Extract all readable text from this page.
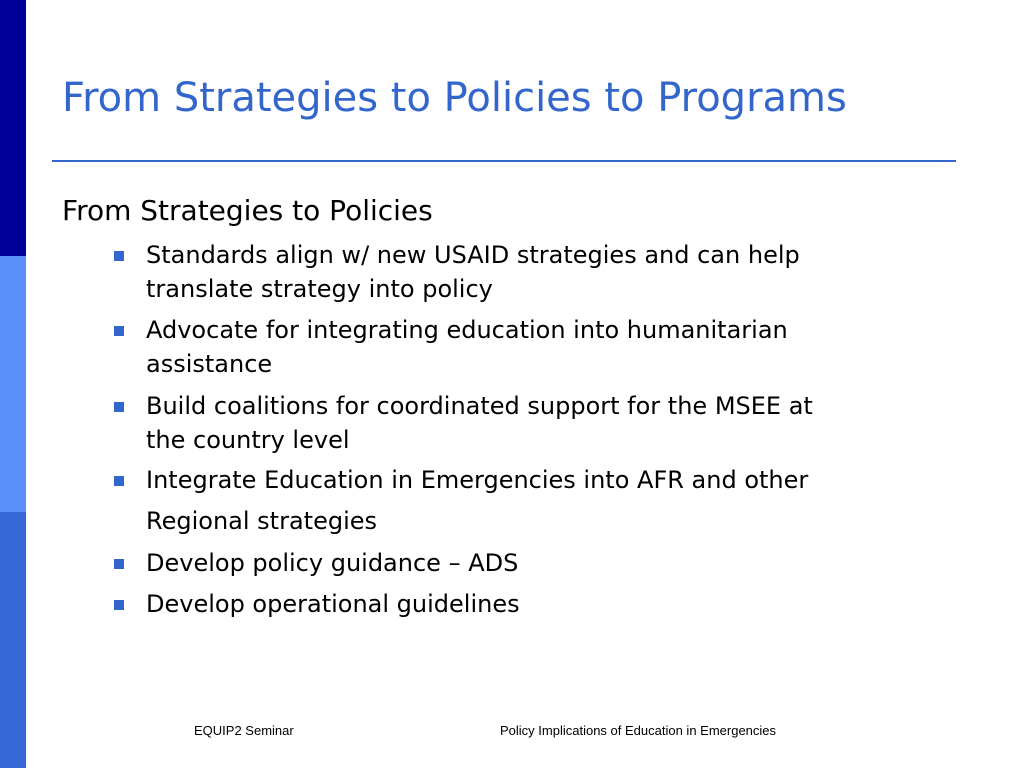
From Strategies to Policies to Programs
From Strategies to Policies
Standards align w/ new USAID strategies and can help
translate strategy into policy
Advocate for integrating education into humanitarian
assistance
Build coalitions for coordinated support for the MSEE at
the country level
Integrate Education in Emergencies into AFR and other
Regional strategies
Develop policy guidance – ADS
Develop operational guidelines
EQUIP2 Seminar	Policy Implications of Education in Emergencies
